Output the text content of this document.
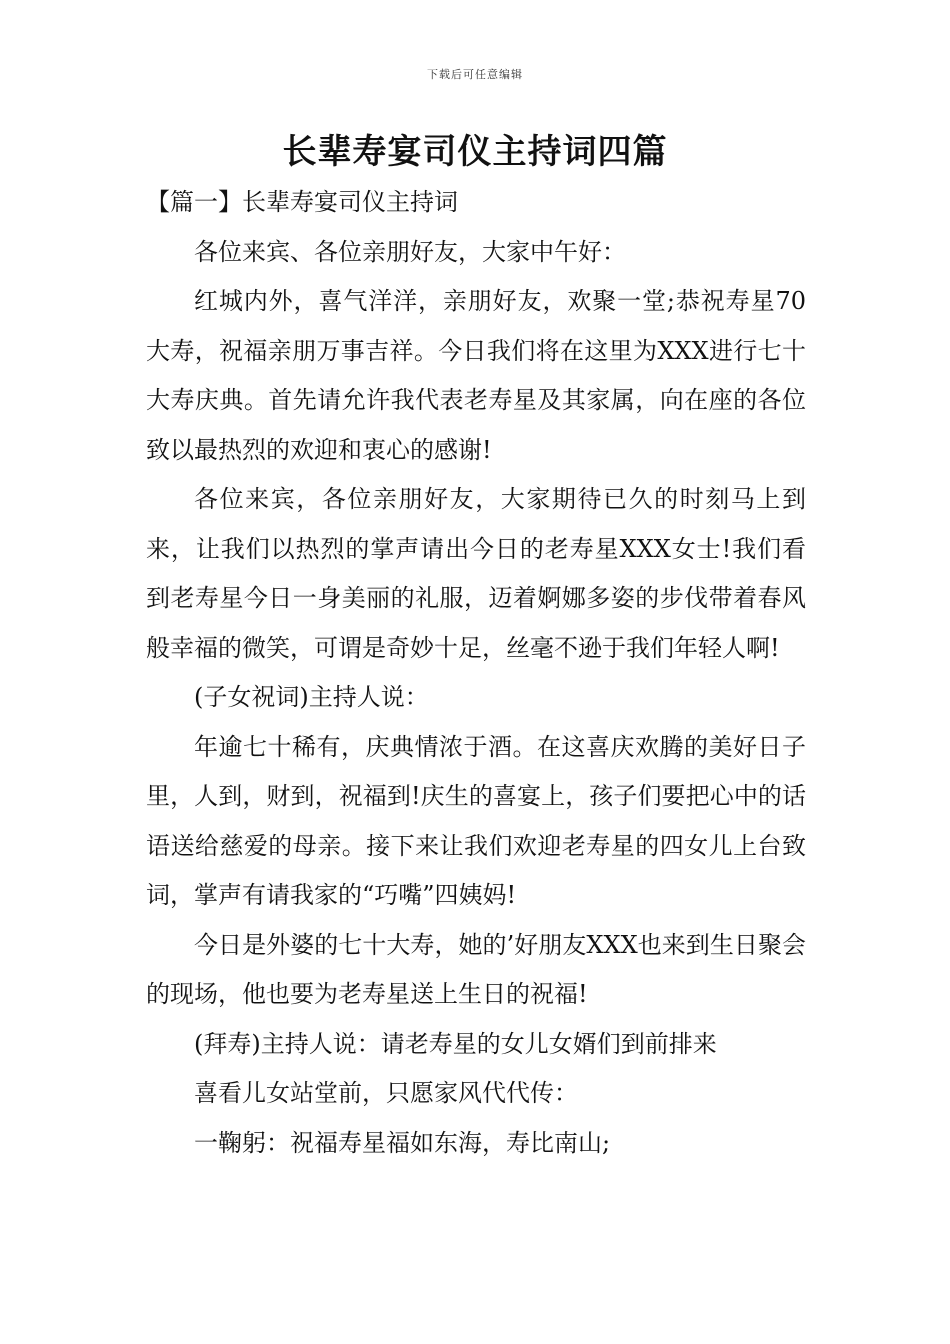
下载后可任意编辑
长辈寿宴司仪主持词四篇

【篇一】长辈寿宴司仪主持词

各位来宾、各位亲朋好友，大家中午好：

红城内外，喜气洋洋，亲朋好友，欢聚一堂;恭祝寿星70大寿，祝福亲朋万事吉祥。今日我们将在这里为XXX进行七十大寿庆典。首先请允许我代表老寿星及其家属，向在座的各位致以最热烈的欢迎和衷心的感谢!

各位来宾，各位亲朋好友，大家期待已久的时刻马上到来，让我们以热烈的掌声请出今日的老寿星XXX女士!我们看到老寿星今日一身美丽的礼服，迈着婀娜多姿的步伐带着春风般幸福的微笑，可谓是奇妙十足，丝毫不逊于我们年轻人啊!

(子女祝词)主持人说：

年逾七十稀有，庆典情浓于酒。在这喜庆欢腾的美好日子里，人到，财到，祝福到!庆生的喜宴上，孩子们要把心中的话语送给慈爱的母亲。接下来让我们欢迎老寿星的四女儿上台致词，掌声有请我家的“巧嘴”四姨妈!

今日是外婆的七十大寿，她的’好朋友XXX也来到生日聚会的现场，他也要为老寿星送上生日的祝福!

(拜寿)主持人说：请老寿星的女儿女婿们到前排来

喜看儿女站堂前，只愿家风代代传：

一鞠躬：祝福寿星福如东海，寿比南山;
